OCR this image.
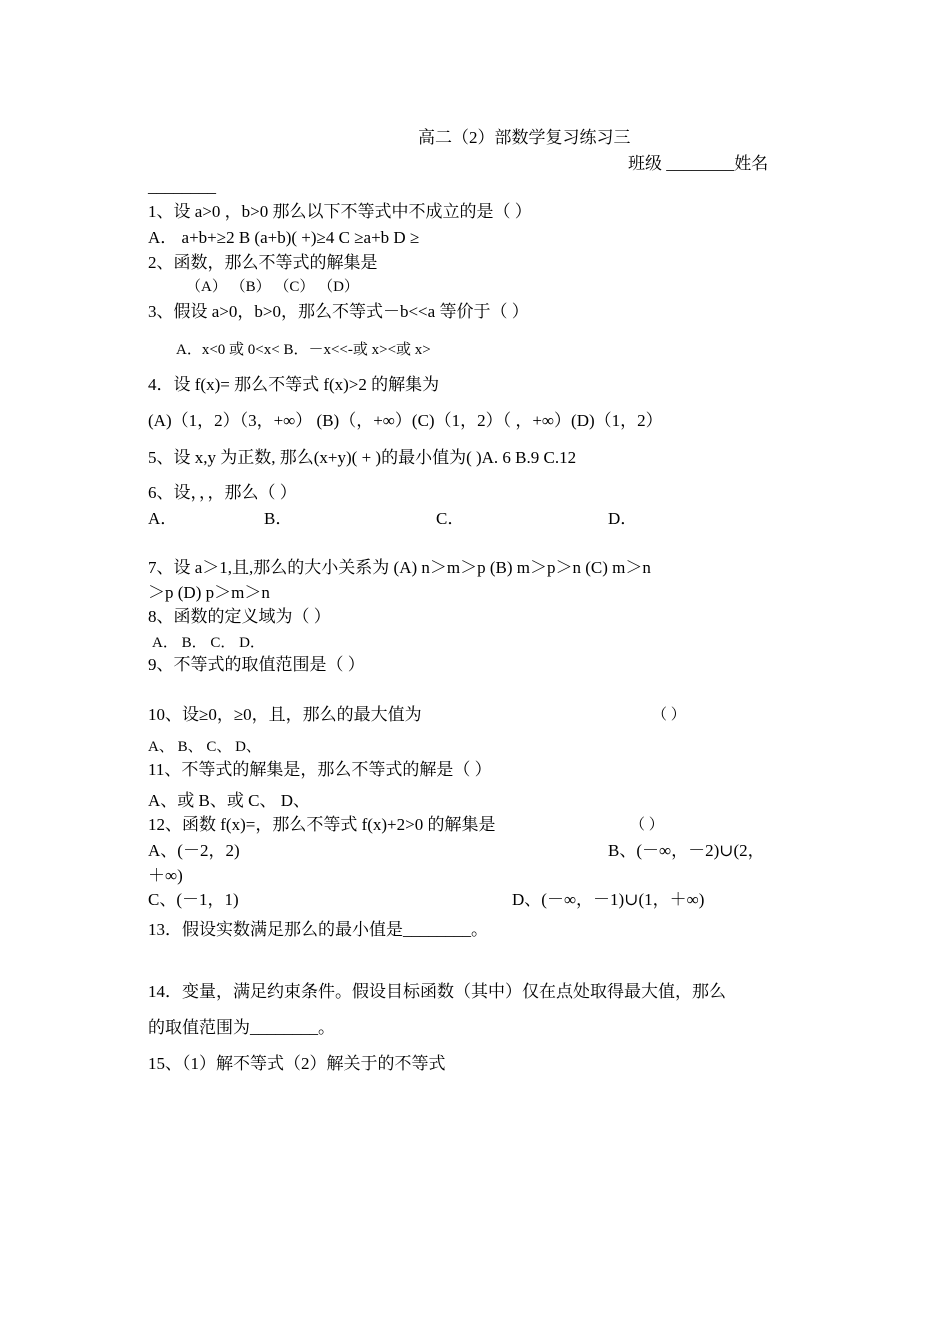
高二（2）部数学复习练习三
班级 ________姓名
________
1、设 a>0 ，b>0 那么以下不等式中不成立的是（ ）
A． a+b+≥2 B (a+b)( +)≥4 C ≥a+b D ≥
2、函数，那么不等式的解集是
（A） （B） （C） （D）
3、假设 a>0，b>0，那么不等式－b<<a 等价于（ ）
A．x<0 或 0<x< B．－x<<-或 x><或 x>
4．设 f(x)= 那么不等式 f(x)>2 的解集为
(A)（1，2）（3，+∞） (B)（，+∞）(C)（1，2）（ ，+∞）(D)（1，2）
5、设 x,y 为正数, 那么(x+y)( + )的最小值为( )A. 6 B.9 C.12
6、设，，，那么（ ）
A．	B．	C．	D．
7、设 a＞1,且,那么的大小关系为 (A) n＞m＞p (B) m＞p＞n (C) m＞n
＞p (D) p＞m＞n
8、函数的定义域为（ ）
A． B． C． D．
9、不等式的取值范围是（ ）
10、设≥0，≥0，且，那么的最大值为	（ ）
A、 B、 C、 D、
11、不等式的解集是，那么不等式的解是（ ）
A、或 B、或 C、 D、
12、函数 f(x)=，那么不等式 f(x)+2>0 的解集是	（ ）
A、(－2，2)	B、(－∞，－2)∪(2，
＋∞)
C、(－1，1)	D、(－∞，－1)∪(1，＋∞)
13．假设实数满足那么的最小值是________。
14．变量，满足约束条件。假设目标函数（其中）仅在点处取得最大值，那么
的取值范围为________。
15、（1）解不等式（2）解关于的不等式
